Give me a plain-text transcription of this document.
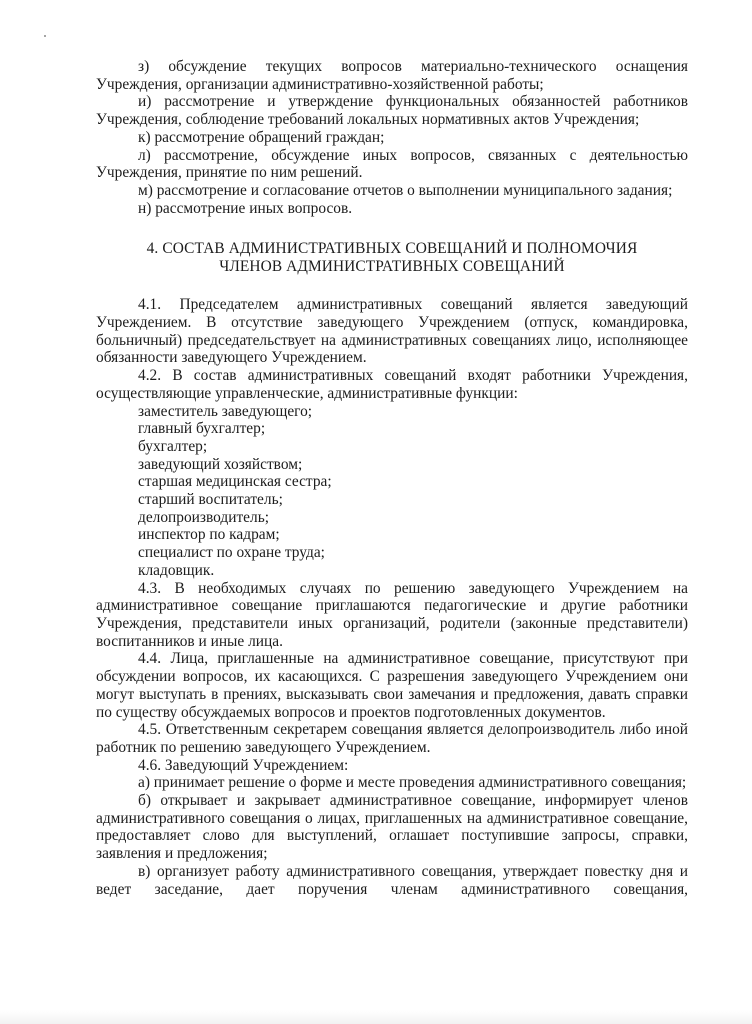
з) обсуждение текущих вопросов материально-технического оснащения Учреждения, организации административно-хозяйственной работы;

и) рассмотрение и утверждение функциональных обязанностей работников Учреждения, соблюдение требований локальных нормативных актов Учреждения;

к) рассмотрение обращений граждан;

л) рассмотрение, обсуждение иных вопросов, связанных с деятельностью Учреждения, принятие по ним решений.

м) рассмотрение и согласование отчетов о выполнении муниципального задания;

н) рассмотрение иных вопросов.

4. СОСТАВ АДМИНИСТРАТИВНЫХ СОВЕЩАНИЙ И ПОЛНОМОЧИЯ
ЧЛЕНОВ АДМИНИСТРАТИВНЫХ СОВЕЩАНИЙ

4.1. Председателем административных совещаний является заведующий Учреждением. В отсутствие заведующего Учреждением (отпуск, командировка, больничный) председательствует на административных совещаниях лицо, исполняющее обязанности заведующего Учреждением.

4.2. В состав административных совещаний входят работники Учреждения, осуществляющие управленческие, административные функции:

заместитель заведующего;

главный бухгалтер;

бухгалтер;

заведующий хозяйством;

старшая медицинская сестра;

старший воспитатель;

делопроизводитель;

инспектор по кадрам;

специалист по охране труда;

кладовщик.

4.3. В необходимых случаях по решению заведующего Учреждением на административное совещание приглашаются педагогические и другие работники Учреждения, представители иных организаций, родители (законные представители) воспитанников и иные лица.

4.4. Лица, приглашенные на административное совещание, присутствуют при обсуждении вопросов, их касающихся. С разрешения заведующего Учреждением они могут выступать в прениях, высказывать свои замечания и предложения, давать справки по существу обсуждаемых вопросов и проектов подготовленных документов.

4.5. Ответственным секретарем совещания является делопроизводитель либо иной работник по решению заведующего Учреждением.

4.6. Заведующий Учреждением:

а) принимает решение о форме и месте проведения административного совещания;

б) открывает и закрывает административное совещание, информирует членов административного совещания о лицах, приглашенных на административное совещание, предоставляет слово для выступлений, оглашает поступившие запросы, справки, заявления и предложения;

в) организует работу административного совещания, утверждает повестку дня и ведет заседание, дает поручения членам административного совещания,
